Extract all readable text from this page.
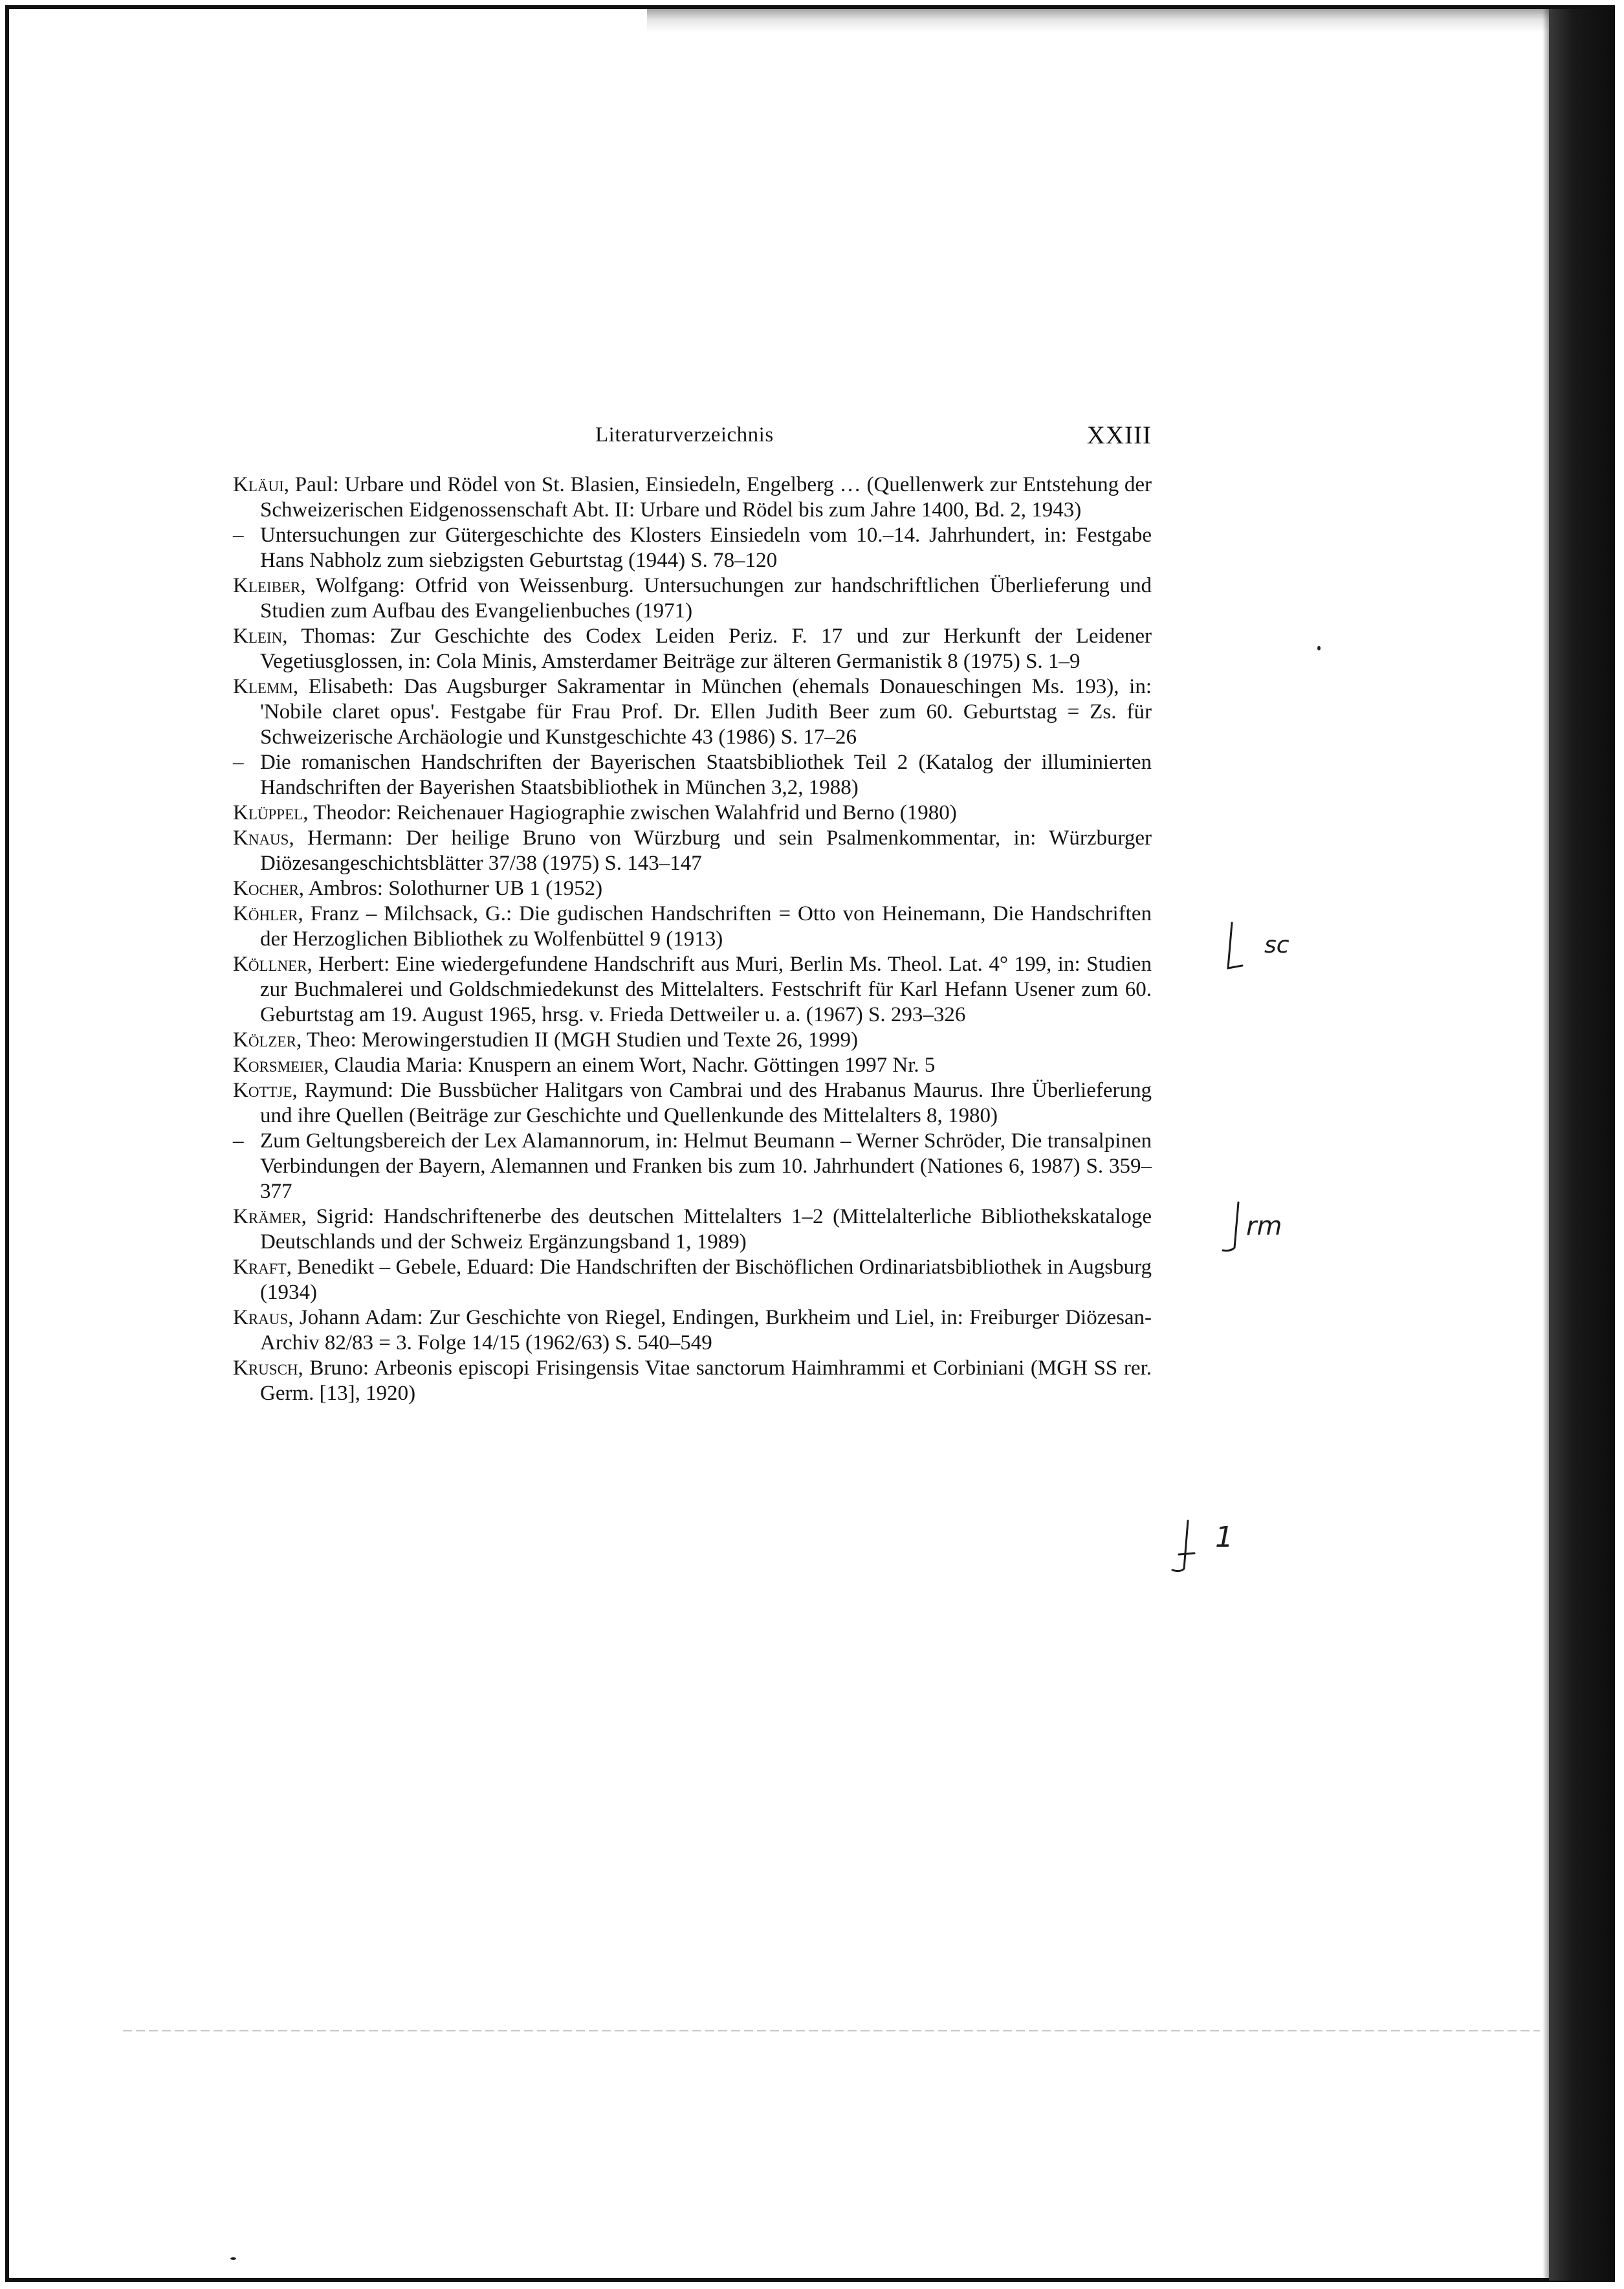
Literaturverzeichnis	XXIII
Kläui, Paul: Urbare und Rödel von St. Blasien, Einsiedeln, Engelberg … (Quellenwerk zur Entstehung der Schweizerischen Eidgenossenschaft Abt. II: Urbare und Rödel bis zum Jahre 1400, Bd. 2, 1943)
– Untersuchungen zur Gütergeschichte des Klosters Einsiedeln vom 10.–14. Jahrhundert, in: Festgabe Hans Nabholz zum siebzigsten Geburtstag (1944) S. 78–120
Kleiber, Wolfgang: Otfrid von Weissenburg. Untersuchungen zur handschriftlichen Überlieferung und Studien zum Aufbau des Evangelienbuches (1971)
Klein, Thomas: Zur Geschichte des Codex Leiden Periz. F. 17 und zur Herkunft der Leidener Vegetiusglossen, in: Cola Minis, Amsterdamer Beiträge zur älteren Germanistik 8 (1975) S. 1–9
Klemm, Elisabeth: Das Augsburger Sakramentar in München (ehemals Donaueschingen Ms. 193), in: 'Nobile claret opus'. Festgabe für Frau Prof. Dr. Ellen Judith Beer zum 60. Geburtstag = Zs. für Schweizerische Archäologie und Kunstgeschichte 43 (1986) S. 17–26
– Die romanischen Handschriften der Bayerischen Staatsbibliothek Teil 2 (Katalog der illuminierten Handschriften der Bayerishen Staatsbibliothek in München 3,2, 1988)
Klüppel, Theodor: Reichenauer Hagiographie zwischen Walahfrid und Berno (1980)
Knaus, Hermann: Der heilige Bruno von Würzburg und sein Psalmenkommentar, in: Würzburger Diözesangeschichtsblätter 37/38 (1975) S. 143–147
Kocher, Ambros: Solothurner UB 1 (1952)
Köhler, Franz – Milchsack, G.: Die gudischen Handschriften = Otto von Heinemann, Die Handschriften der Herzoglichen Bibliothek zu Wolfenbüttel 9 (1913)
Köllner, Herbert: Eine wiedergefundene Handschrift aus Muri, Berlin Ms. Theol. Lat. 4° 199, in: Studien zur Buchmalerei und Goldschmiedekunst des Mittelalters. Festschrift für Karl Hefann Usener zum 60. Geburtstag am 19. August 1965, hrsg. v. Frieda Dettweiler u. a. (1967) S. 293–326
Kölzer, Theo: Merowingerstudien II (MGH Studien und Texte 26, 1999)
Korsmeier, Claudia Maria: Knuspern an einem Wort, Nachr. Göttingen 1997 Nr. 5
Kottje, Raymund: Die Bussbücher Halitgars von Cambrai und des Hrabanus Maurus. Ihre Überlieferung und ihre Quellen (Beiträge zur Geschichte und Quellenkunde des Mittelalters 8, 1980)
– Zum Geltungsbereich der Lex Alamannorum, in: Helmut Beumann – Werner Schröder, Die transalpinen Verbindungen der Bayern, Alemannen und Franken bis zum 10. Jahrhundert (Nationes 6, 1987) S. 359–377
Krämer, Sigrid: Handschriftenerbe des deutschen Mittelalters 1–2 (Mittelalterliche Bibliothekskataloge Deutschlands und der Schweiz Ergänzungsband 1, 1989)
Kraft, Benedikt – Gebele, Eduard: Die Handschriften der Bischöflichen Ordinariatsbibliothek in Augsburg (1934)
Kraus, Johann Adam: Zur Geschichte von Riegel, Endingen, Burkheim und Liel, in: Freiburger Diözesan-Archiv 82/83 = 3. Folge 14/15 (1962/63) S. 540–549
Krusch, Bruno: Arbeonis episcopi Frisingensis Vitae sanctorum Haimhrammi et Corbiniani (MGH SS rer. Germ. [13], 1920)
sc
rm
1
